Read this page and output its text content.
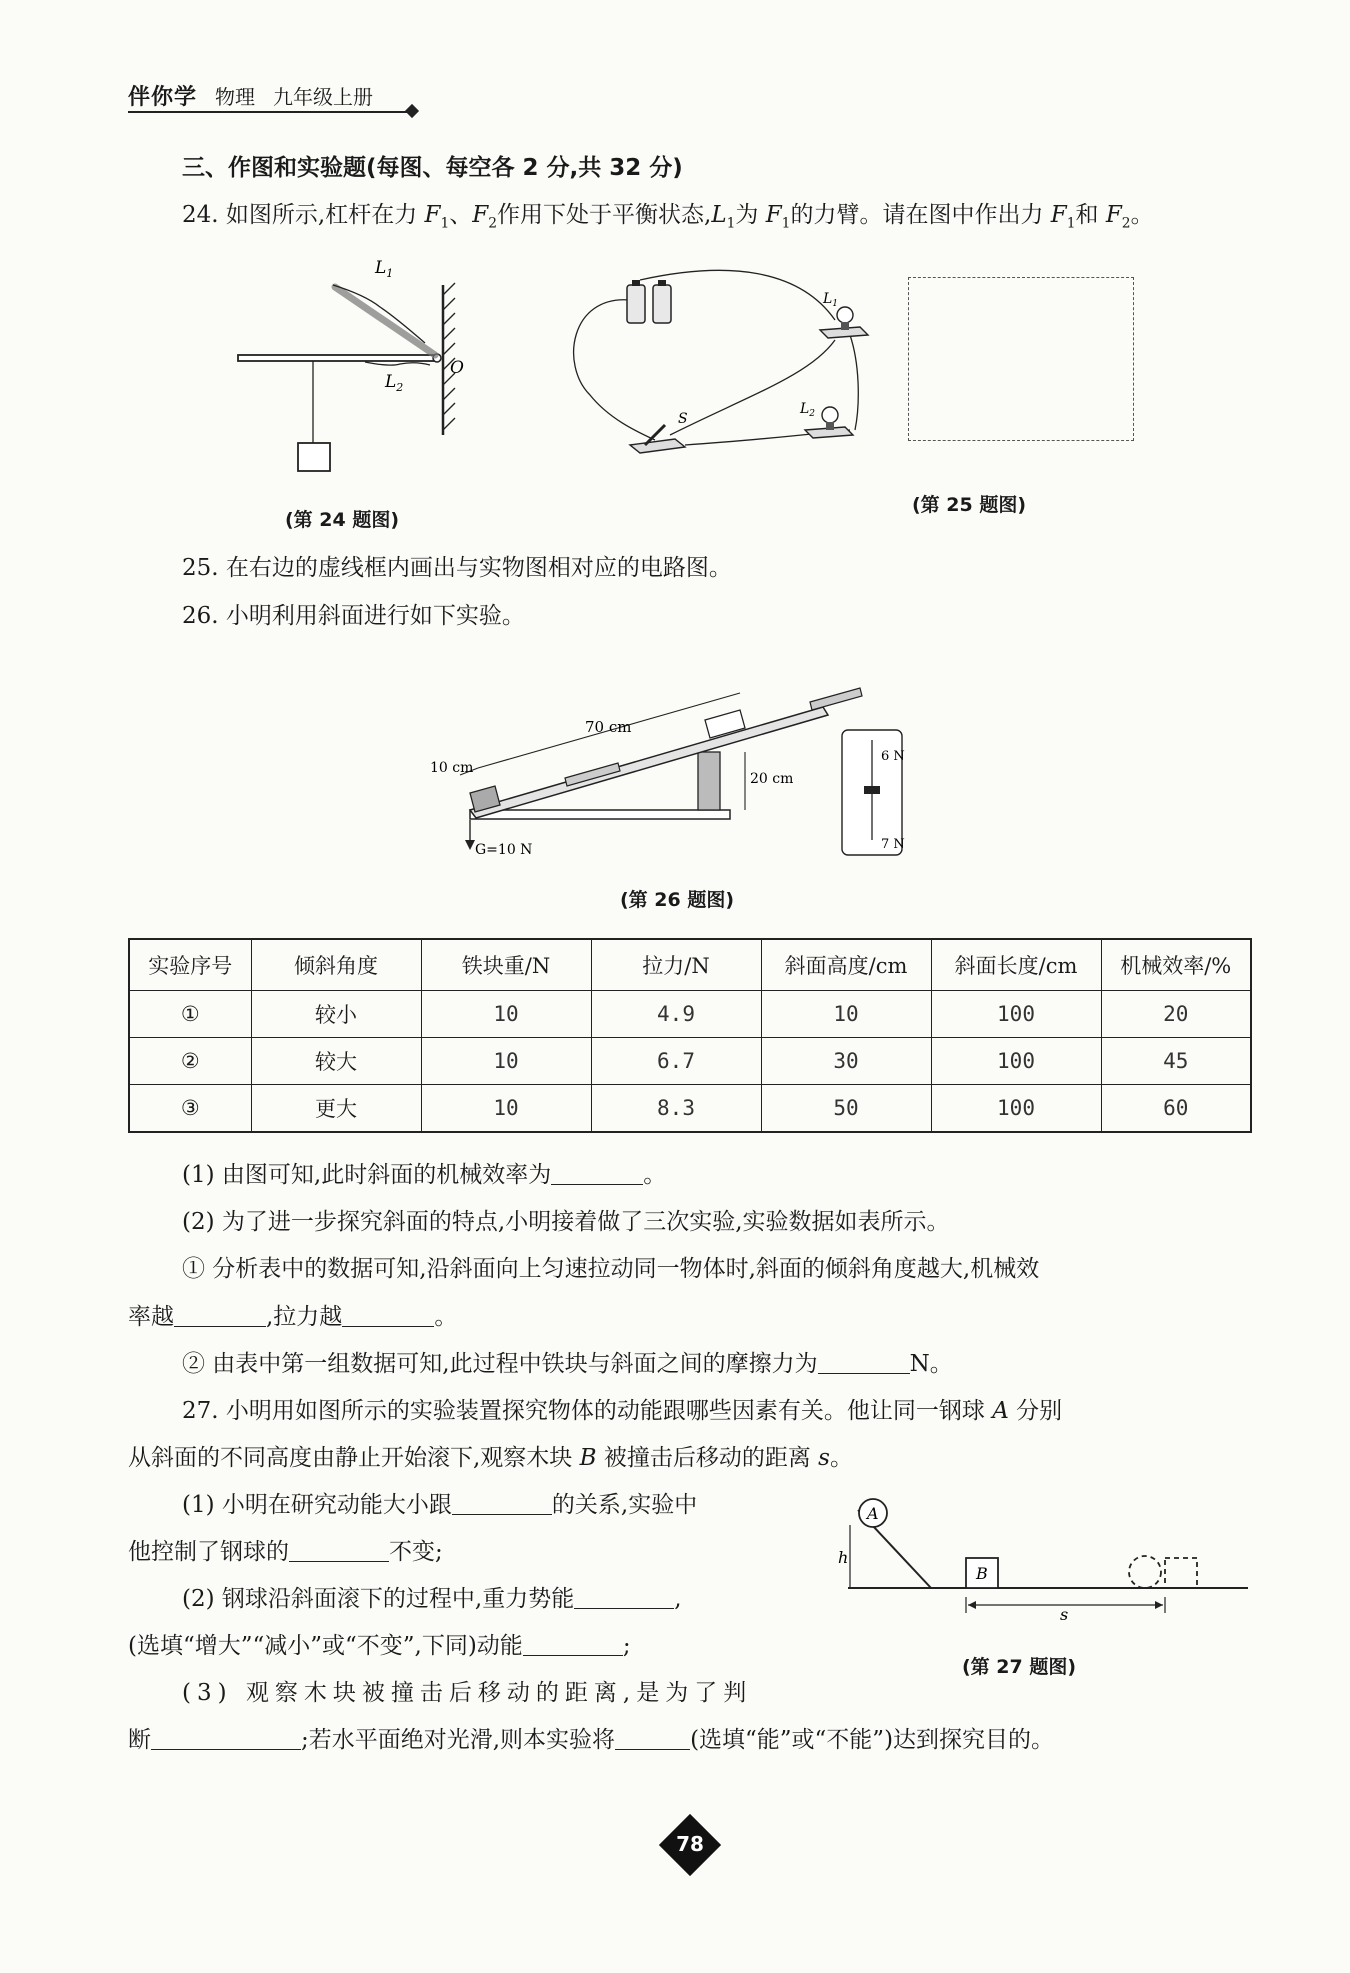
伴你学 物理 九年级上册
三、作图和实验题(每图、每空各 2 分,共 32 分)
24. 如图所示,杠杆在力 $F_1$、$F_2$作用下处于平衡状态$,L_1$为 $F_1$的力臂。请在图中作出力 $F_1$和 $F_2$。
$L_1$
$L_2$
O
(第 24 题图)
$L_1$
$L_2$
S
(第 25 题图)
25. 在右边的虚线框内画出与实物图相对应的电路图。
26. 小明利用斜面进行如下实验。
10 cm
70 cm
20 cm
G=10 N
6 N
7 N
(第 26 题图)
实验序号	倾斜角度	铁块重/N	拉力/N	斜面高度/cm	斜面长度/cm	机械效率/%
①	较小	10	4.9	10	100	20
②	较大	10	6.7	30	100	45
③	更大	10	8.3	50	100	60
(1) 由图可知,此时斜面的机械效率为	。
(2) 为了进一步探究斜面的特点,小明接着做了三次实验,实验数据如表所示。
① 分析表中的数据可知,沿斜面向上匀速拉动同一物体时,斜面的倾斜角度越大,机械效
率越	,拉力越	。
② 由表中第一组数据可知,此过程中铁块与斜面之间的摩擦力为	N。
27. 小明用如图所示的实验装置探究物体的动能跟哪些因素有关。他让同一钢球 A 分别
从斜面的不同高度由静止开始滚下,观察木块 B 被撞击后移动的距离 s。
(1) 小明在研究动能大小跟	的关系,实验中
他控制了钢球的	不变;
(2) 钢球沿斜面滚下的过程中,重力势能	,
(选填“增大”“减小”或“不变”,下同)动能	;
(3) 观察木块被撞击后移动的距离,是为了判
断	;若水平面绝对光滑,则本实验将	(选填“能”或“不能”)达到探究目的。
A
B
h
s
(第 27 题图)
78
